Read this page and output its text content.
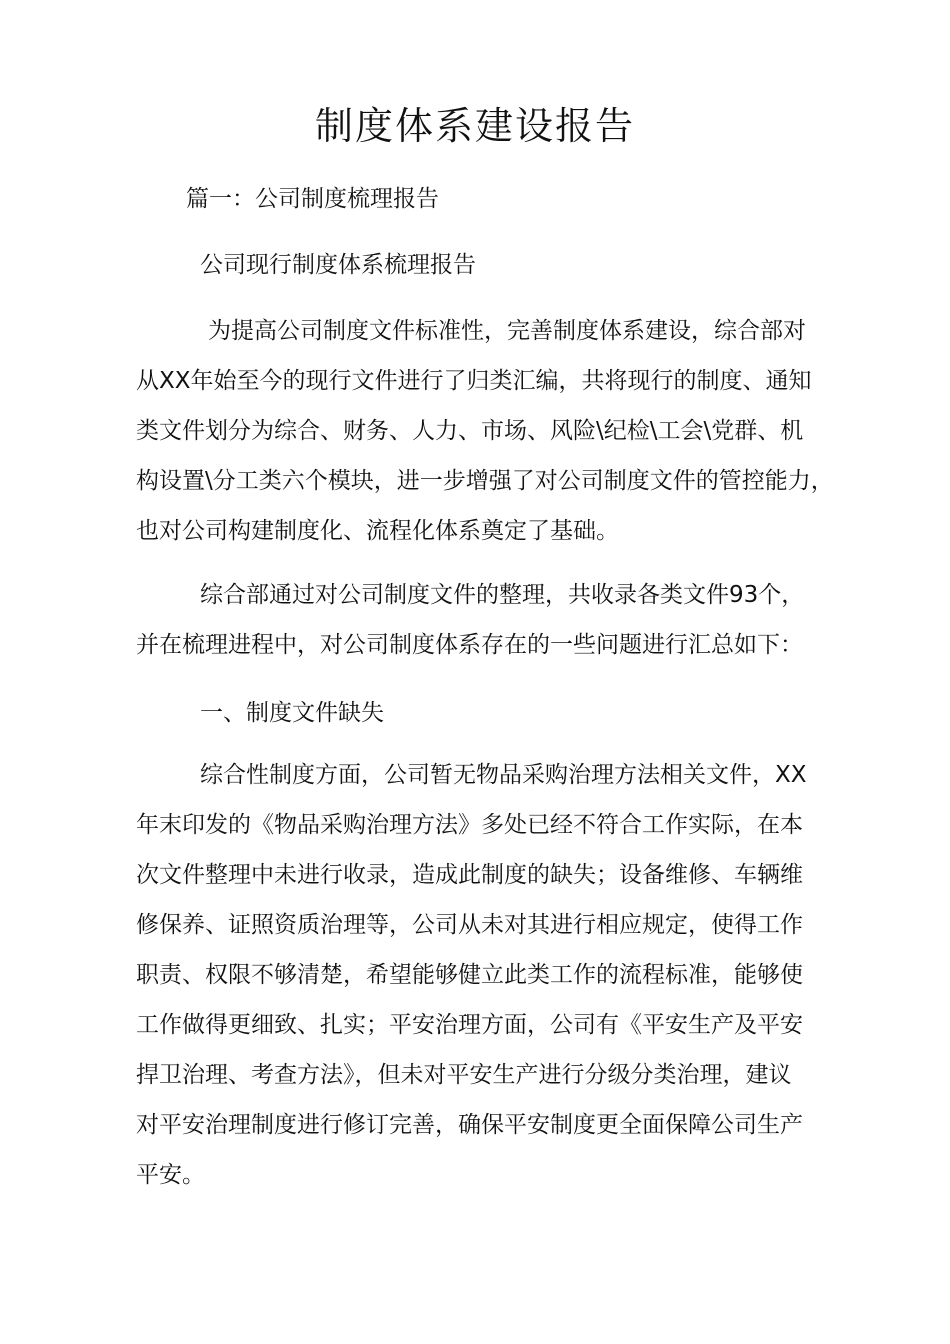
制度体系建设报告
篇一：公司制度梳理报告
公司现行制度体系梳理报告
为提高公司制度文件标准性，完善制度体系建设，综合部对
从XX年始至今的现行文件进行了归类汇编，共将现行的制度、通知
类文件划分为综合、财务、人力、市场、风险\纪检\工会\党群、机
构设置\分工类六个模块，进一步增强了对公司制度文件的管控能力，
也对公司构建制度化、流程化体系奠定了基础。
综合部通过对公司制度文件的整理，共收录各类文件93个，
并在梳理进程中，对公司制度体系存在的一些问题进行汇总如下：
一、制度文件缺失
综合性制度方面，公司暂无物品采购治理方法相关文件，XX
年末印发的《物品采购治理方法》多处已经不符合工作实际，在本
次文件整理中未进行收录，造成此制度的缺失；设备维修、车辆维
修保养、证照资质治理等，公司从未对其进行相应规定，使得工作
职责、权限不够清楚，希望能够健立此类工作的流程标准，能够使
工作做得更细致、扎实；平安治理方面，公司有《平安生产及平安
捍卫治理、考查方法》，但未对平安生产进行分级分类治理，建议
对平安治理制度进行修订完善，确保平安制度更全面保障公司生产
平安。
